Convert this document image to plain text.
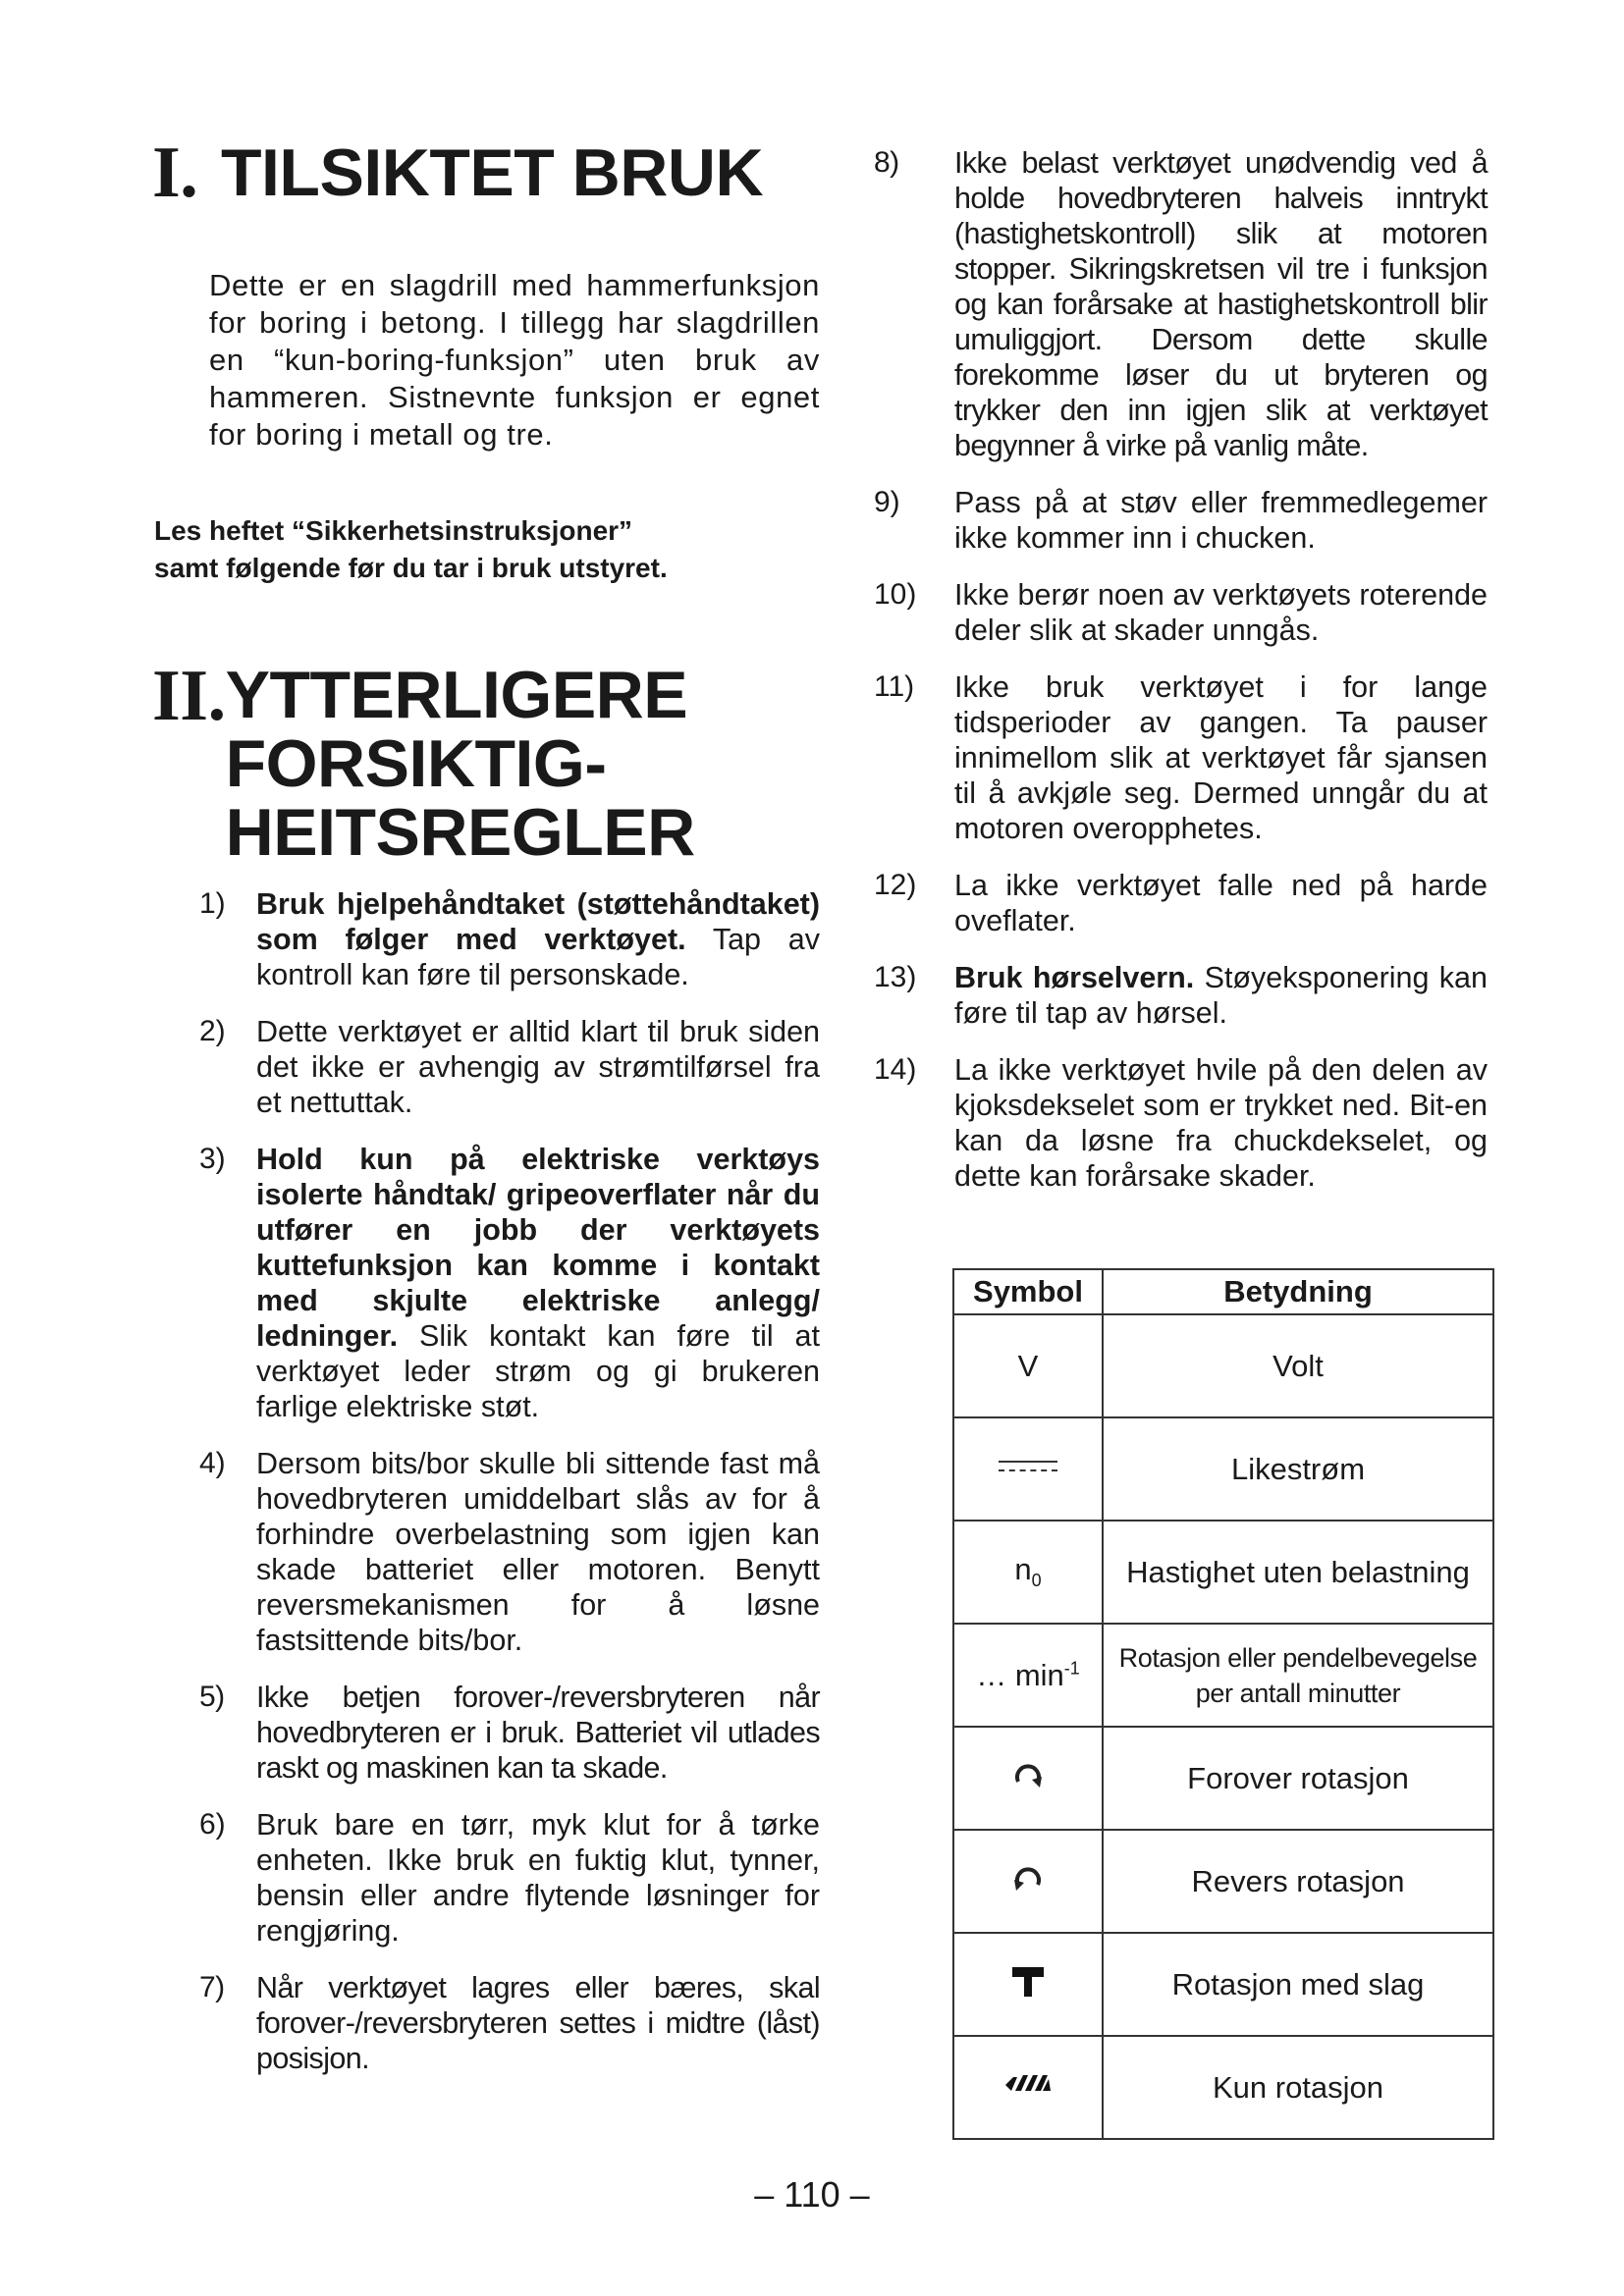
I. TILSIKTET BRUK

Dette er en slagdrill med hammerfunksjon for boring i betong. I tillegg har slagdrillen en “kun-boring-funksjon” uten bruk av hammeren. Sistnevnte funksjon er egnet for boring i metall og tre.

Les heftet “Sikkerhetsinstruksjoner”
samt følgende før du tar i bruk utstyret.

II. YTTERLIGERE
FORSIKTIG-
HEITSREGLER
1) Bruk hjelpehåndtaket (støttehåndtaket) som følger med verktøyet. Tap av kontroll kan føre til personskade.
2) Dette verktøyet er alltid klart til bruk siden det ikke er avhengig av strømtilførsel fra et nettuttak.
3) Hold kun på elektriske verktøys isolerte håndtak/ gripeoverflater når du utfører en jobb der verktøyets kuttefunksjon kan komme i kontakt med skjulte elektriske anlegg/ ledninger. Slik kontakt kan føre til at verktøyet leder strøm og gi brukeren farlige elektriske støt.
4) Dersom bits/bor skulle bli sittende fast må hovedbryteren umiddelbart slås av for å forhindre overbelastning som igjen kan skade batteriet eller motoren. Benytt reversmekanismen for å løsne fastsittende bits/bor.
5) Ikke betjen forover-/reversbryteren når hovedbryteren er i bruk. Batteriet vil utlades raskt og maskinen kan ta skade.
6) Bruk bare en tørr, myk klut for å tørke enheten. Ikke bruk en fuktig klut, tynner, bensin eller andre flytende løsninger for rengjøring.
7) Når verktøyet lagres eller bæres, skal forover-/reversbryteren settes i midtre (låst) posisjon.
8) Ikke belast verktøyet unødvendig ved å holde hovedbryteren halveis inntrykt (hastighetskontroll) slik at motoren stopper. Sikringskretsen vil tre i funksjon og kan forårsake at hastighetskontroll blir umuliggjort. Dersom dette skulle forekomme løser du ut bryteren og trykker den inn igjen slik at verktøyet begynner å virke på vanlig måte.
9) Pass på at støv eller fremmedlegemer ikke kommer inn i chucken.
10) Ikke berør noen av verktøyets roterende deler slik at skader unngås.
11) Ikke bruk verktøyet i for lange tidsperioder av gangen. Ta pauser innimellom slik at verktøyet får sjansen til å avkjøle seg. Dermed unngår du at motoren overopphetes.
12) La ikke verktøyet falle ned på harde oveflater.
13) Bruk hørselvern. Støyeksponering kan føre til tap av hørsel.
14) La ikke verktøyet hvile på den delen av kjoksdekselet som er trykket ned. Bit-en kan da løsne fra chuckdekselet, og dette kan forårsake skader.
Symbol	Betydning
V	Volt
	Likestrøm
$n_0$	Hastighet uten belastning
… $\min^{-1}$	Rotasjon eller pendelbevegelse per antall minutter
	Forover rotasjon
	Revers rotasjon
	Rotasjon med slag
	Kun rotasjon
– 110 –
